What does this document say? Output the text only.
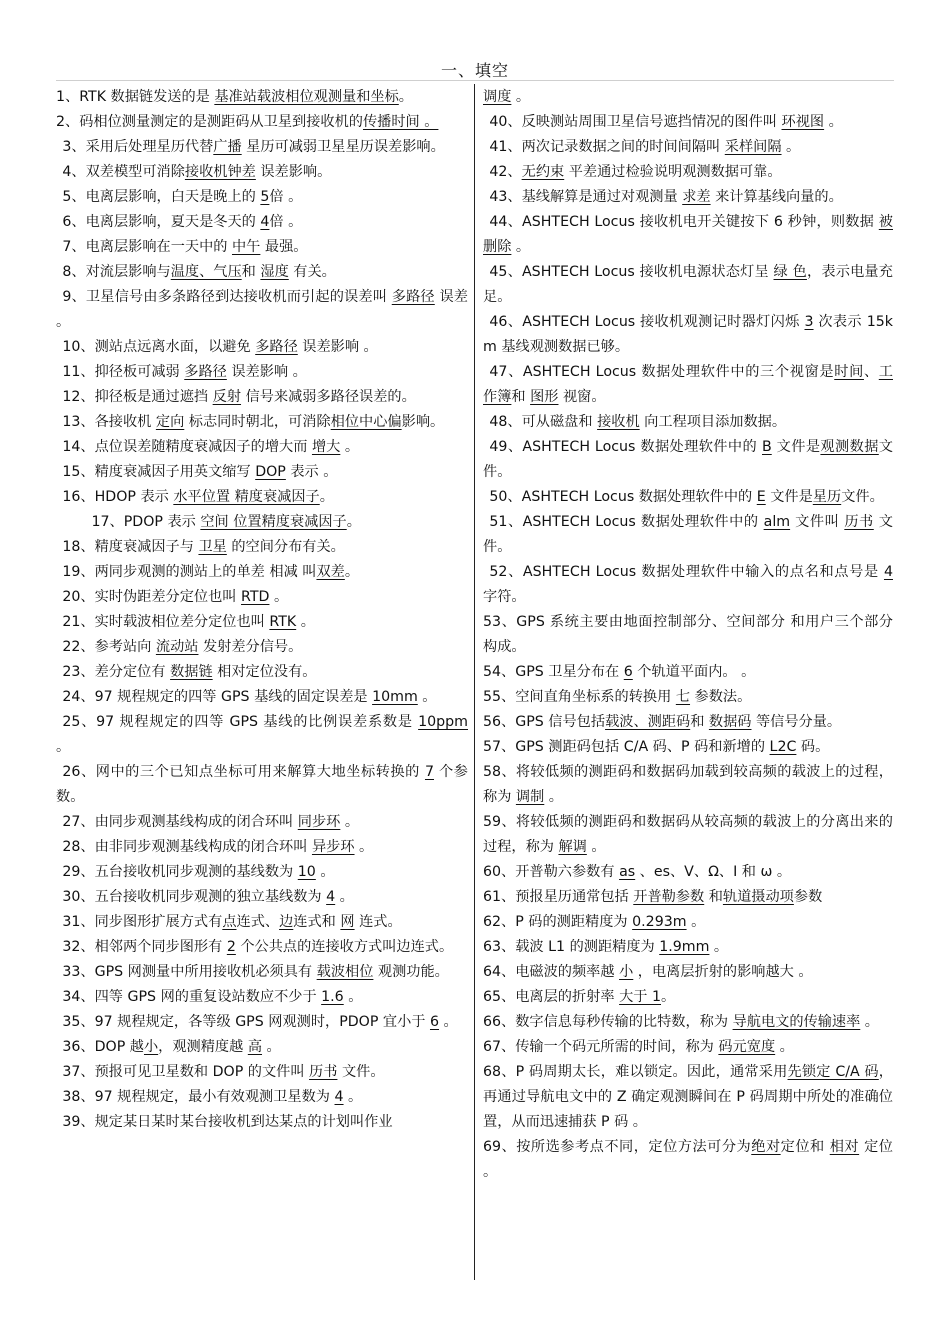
一、填空

1、RTK 数据链发送的是 基准站载波相位观测量和坐标。

2、码相位测量测定的是测距码从卫星到接收机的传播时间 。

3、采用后处理星历代替广播 星历可减弱卫星星历误差影响。

4、双差模型可消除接收机钟差 误差影响。

5、电离层影响，白天是晚上的 5倍 。

6、电离层影响，夏天是冬天的 4倍 。

7、电离层影响在一天中的 中午 最强。

8、对流层影响与温度、气压和 湿度 有关。

9、卫星信号由多条路径到达接收机而引起的误差叫 多路径 误差 。

10、测站点远离水面，以避免 多路径 误差影响 。

11、抑径板可减弱 多路径 误差影响 。

12、抑径板是通过遮挡 反射 信号来减弱多路径误差的。

13、各接收机 定向 标志同时朝北，可消除相位中心偏影响。

14、点位误差随精度衰减因子的增大而 增大 。

15、精度衰减因子用英文缩写 DOP 表示 。

16、HDOP 表示 水平位置 精度衰减因子。

17、PDOP 表示 空间 位置精度衰减因子。

18、精度衰减因子与 卫星 的空间分布有关。

19、两同步观测的测站上的单差 相减 叫双差。

20、实时伪距差分定位也叫 RTD 。

21、实时载波相位差分定位也叫 RTK 。

22、参考站向 流动站 发射差分信号。

23、差分定位有 数据链 相对定位没有。

24、97 规程规定的四等 GPS 基线的固定误差是 10mm 。

25、97 规程规定的四等 GPS 基线的比例误差系数是 10ppm 。

26、网中的三个已知点坐标可用来解算大地坐标转换的 7 个参数。

27、由同步观测基线构成的闭合环叫 同步环 。

28、由非同步观测基线构成的闭合环叫 异步环 。

29、五台接收机同步观测的基线数为 10 。

30、五台接收机同步观测的独立基线数为 4 。

31、同步图形扩展方式有点连式、边连式和 网 连式。

32、相邻两个同步图形有 2 个公共点的连接收方式叫边连式。

33、GPS 网测量中所用接收机必须具有 载波相位 观测功能。

34、四等 GPS 网的重复设站数应不少于 1.6 。

35、97 规程规定，各等级 GPS 网观测时，PDOP 宜小于 6 。

36、DOP 越小，观测精度越 高 。

37、预报可见卫星数和 DOP 的文件叫 历书 文件。

38、97 规程规定，最小有效观测卫星数为 4 。

39、规定某日某时某台接收机到达某点的计划叫作业

调度 。

40、反映测站周围卫星信号遮挡情况的图件叫 环视图 。

41、两次记录数据之间的时间间隔叫 采样间隔 。

42、无约束 平差通过检验说明观测数据可靠。

43、基线解算是通过对观测量 求差 来计算基线向量的。

44、ASHTECH Locus 接收机电开关键按下 6 秒钟，则数据 被删除 。

45、ASHTECH Locus 接收机电源状态灯呈 绿 色，表示电量充足。

46、ASHTECH Locus 接收机观测记时器灯闪烁 3 次表示 15km 基线观测数据已够。

47、ASHTECH Locus 数据处理软件中的三个视窗是时间、工作簿和 图形 视窗。

48、可从磁盘和 接收机 向工程项目添加数据。

49、ASHTECH Locus 数据处理软件中的 B 文件是观测数据文件。

50、ASHTECH Locus 数据处理软件中的 E 文件是星历文件。

51、ASHTECH Locus 数据处理软件中的 alm 文件叫 历书 文件。

52、ASHTECH Locus 数据处理软件中输入的点名和点号是 4 字符。

53、GPS 系统主要由地面控制部分、空间部分 和用户三个部分构成。

54、GPS 卫星分布在 6 个轨道平面内。 。

55、空间直角坐标系的转换用 七 参数法。

56、GPS 信号包括载波、测距码和 数据码 等信号分量。

57、GPS 测距码包括 C/A 码、P 码和新增的 L2C 码。

58、将较低频的测距码和数据码加载到较高频的载波上的过程，称为 调制 。

59、将较低频的测距码和数据码从较高频的载波上的分离出来的过程，称为 解调 。

60、开普勒六参数有 as 、es、V、Ω、I 和 ω 。

61、预报星历通常包括 开普勒参数 和轨道摄动项参数

62、P 码的测距精度为 0.293m 。

63、载波 L1 的测距精度为 1.9mm 。

64、电磁波的频率越 小 ，电离层折射的影响越大 。

65、电离层的折射率 大于 1。

66、数字信息每秒传输的比特数，称为 导航电文的传输速率 。

67、传输一个码元所需的时间，称为 码元宽度 。

68、P 码周期太长，难以锁定。因此，通常采用先锁定 C/A 码，再通过导航电文中的 Z 确定观测瞬间在 P 码周期中所处的准确位置，从而迅速捕获 P 码 。

69、按所选参考点不同，定位方法可分为绝对定位和 相对 定位 。
